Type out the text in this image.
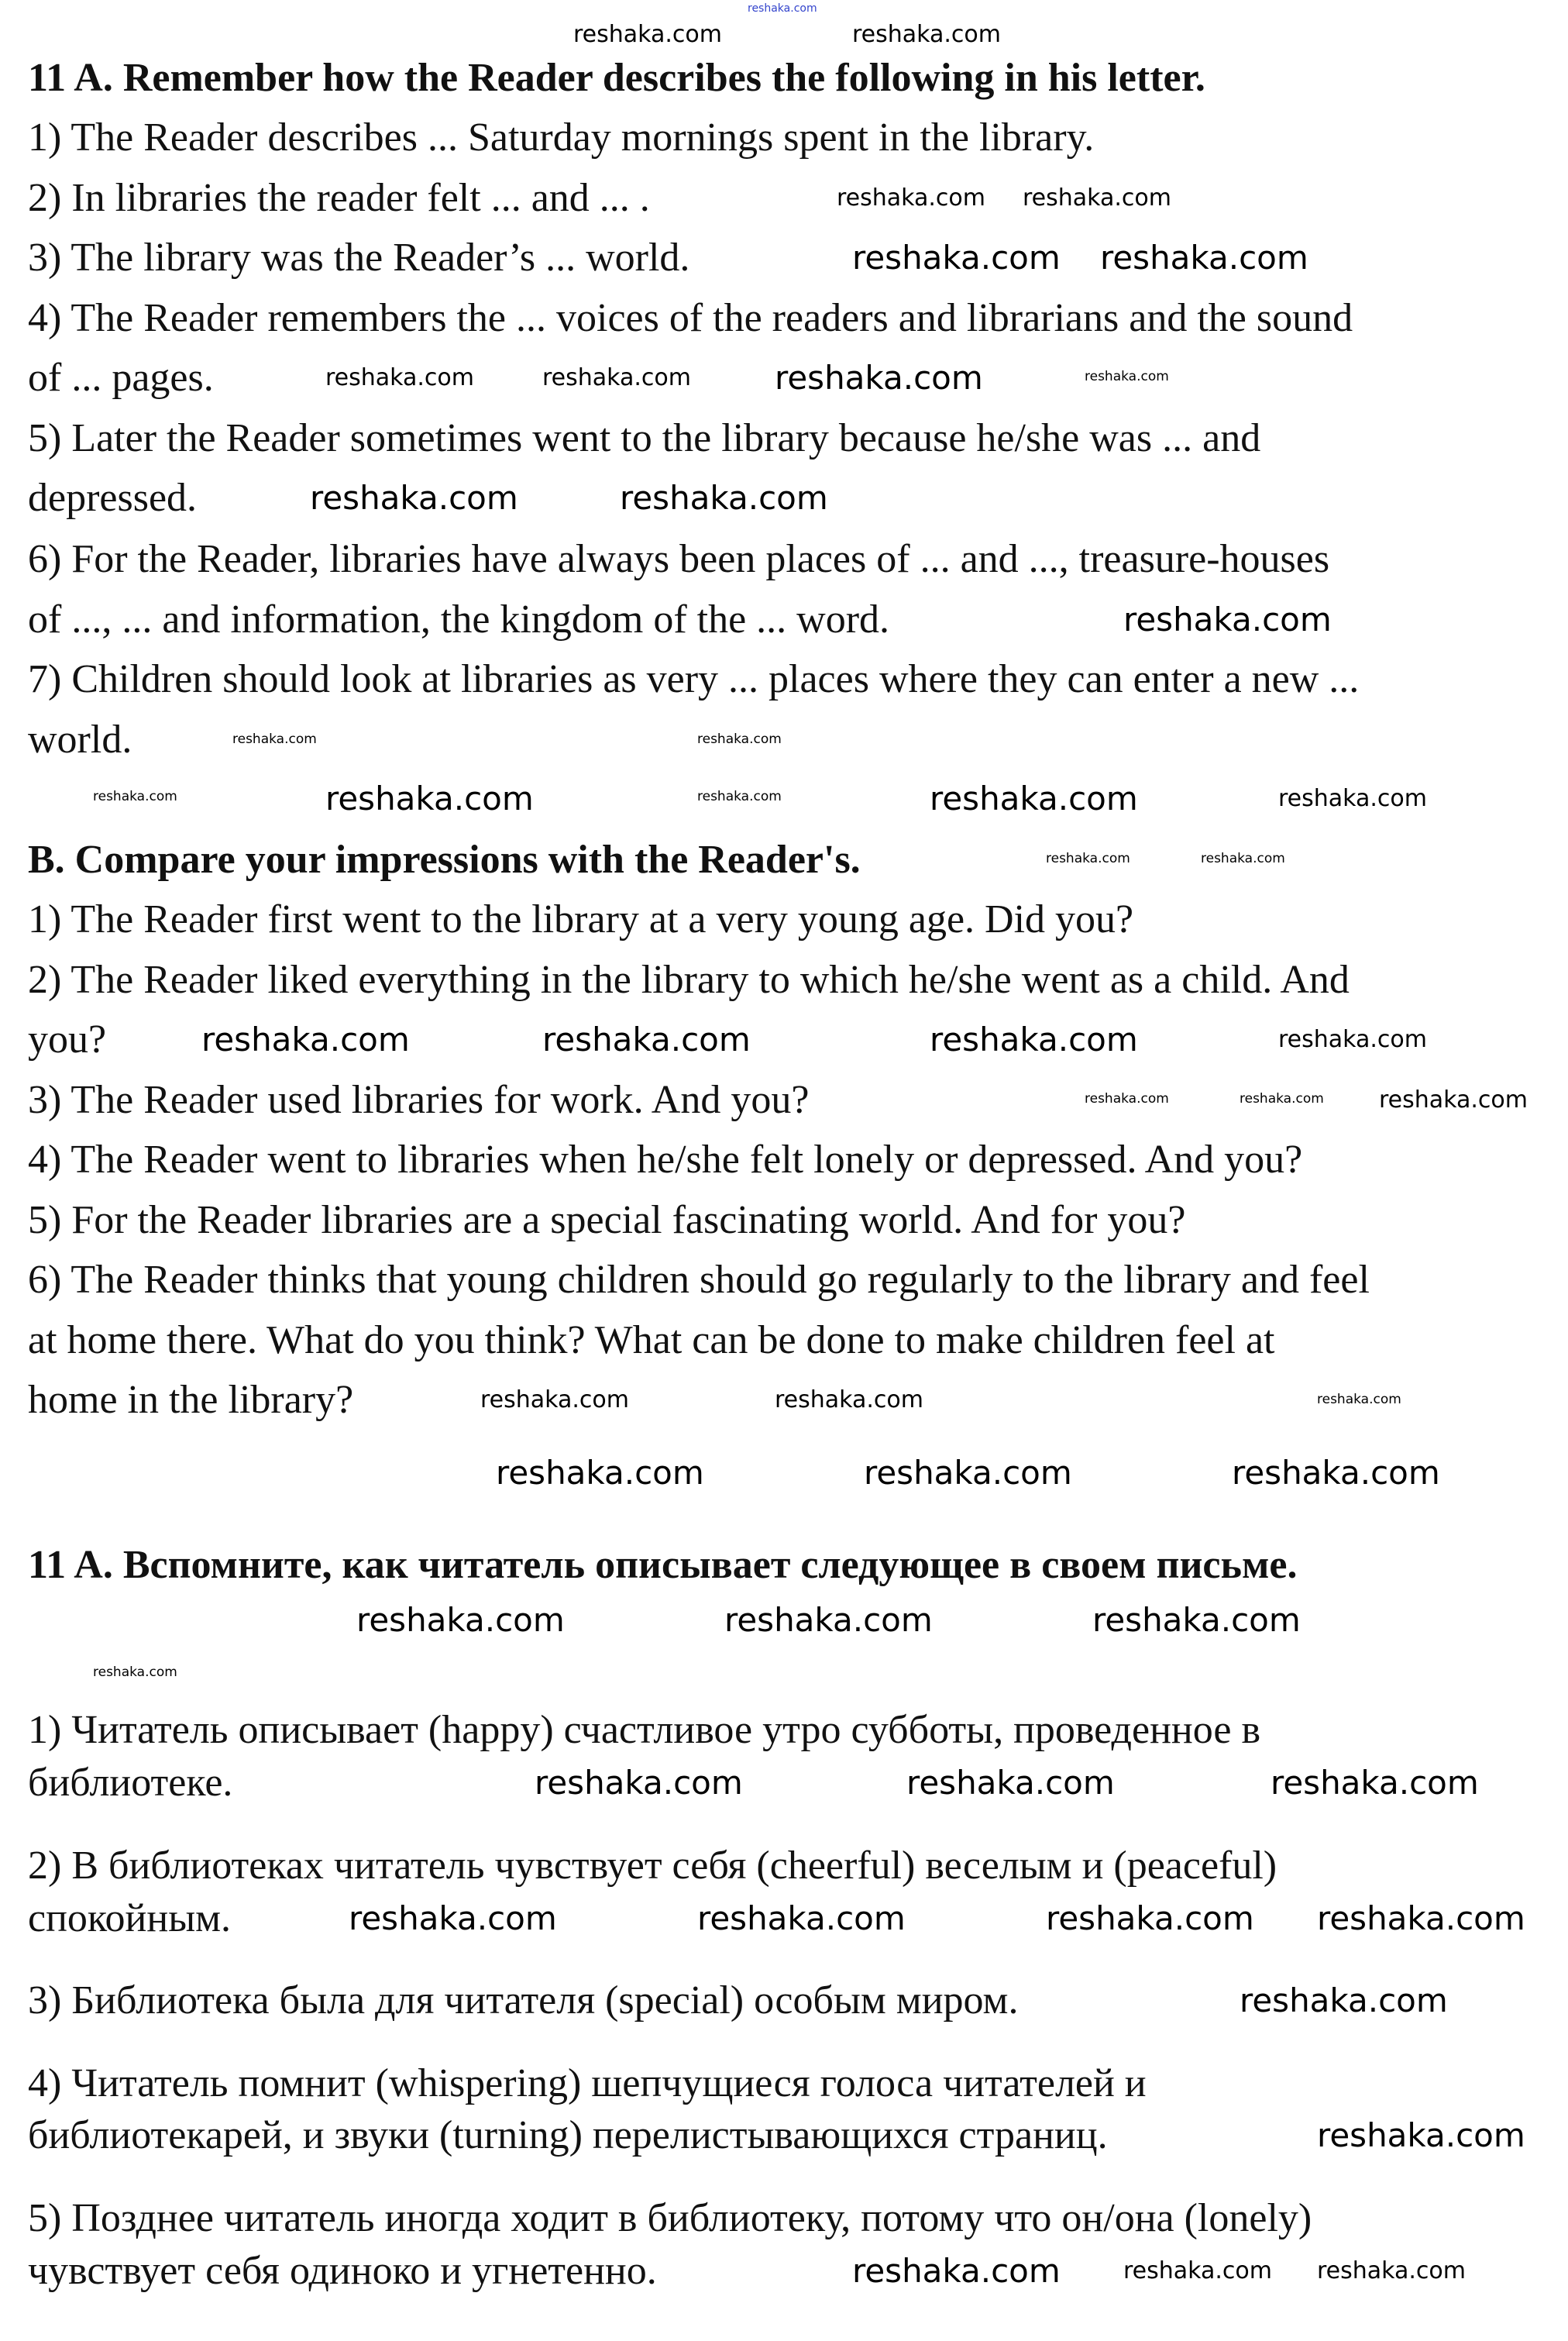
11 A. Remember how the Reader describes the following in his letter.
1) The Reader describes ... Saturday mornings spent in the library.
2) In libraries the reader felt ... and ... .
3) The library was the Reader’s ... world.
4) The Reader remembers the ... voices of the readers and librarians and the sound
of ... pages.
5) Later the Reader sometimes went to the library because he/she was ... and
depressed.
6) For the Reader, libraries have always been places of ... and ..., treasure-houses
of ..., ... and information, the kingdom of the ... word.
7) Children should look at libraries as very ... places where they can enter a new ...
world.
B. Compare your impressions with the Reader's.
1) The Reader first went to the library at a very young age. Did you?
2) The Reader liked everything in the library to which he/she went as a child. And
you?
3) The Reader used libraries for work. And you?
4) The Reader went to libraries when he/she felt lonely or depressed. And you?
5) For the Reader libraries are a special fascinating world. And for you?
6) The Reader thinks that young children should go regularly to the library and feel
at home there. What do you think? What can be done to make children feel at
home in the library?
11 A. Вспомните, как читатель описывает следующее в своем письме.
1) Читатель описывает (happy) счастливое утро субботы, проведенное в
библиотеке.
2) В библиотеках читатель чувствует себя (cheerful) веселым и (peaceful)
спокойным.
3) Библиотека была для читателя (special) особым миром.
4) Читатель помнит (whispering) шепчущиеся голоса читателей и
библиотекарей, и звуки (turning) перелистывающихся страниц.
5) Позднее читатель иногда ходит в библиотеку, потому что он/она (lonely)
чувствует себя одиноко и угнетенно.
reshaka.com
reshaka.com	reshaka.com
reshaka.com reshaka.com
reshaka.com reshaka.com
reshaka.com	reshaka.com	reshaka.com	reshaka.com
reshaka.com	reshaka.com
reshaka.com
reshaka.com	reshaka.com
reshaka.com	reshaka.com	reshaka.com	reshaka.com	reshaka.com
reshaka.com	reshaka.com
reshaka.com	reshaka.com	reshaka.com	reshaka.com
reshaka.com	reshaka.com reshaka.com
reshaka.com	reshaka.com	reshaka.com
reshaka.com	reshaka.com	reshaka.com
reshaka.com	reshaka.com	reshaka.com
reshaka.com
reshaka.com	reshaka.com	reshaka.com
reshaka.com	reshaka.com	reshaka.com reshaka.com
reshaka.com
reshaka.com
reshaka.com	reshaka.com reshaka.com
